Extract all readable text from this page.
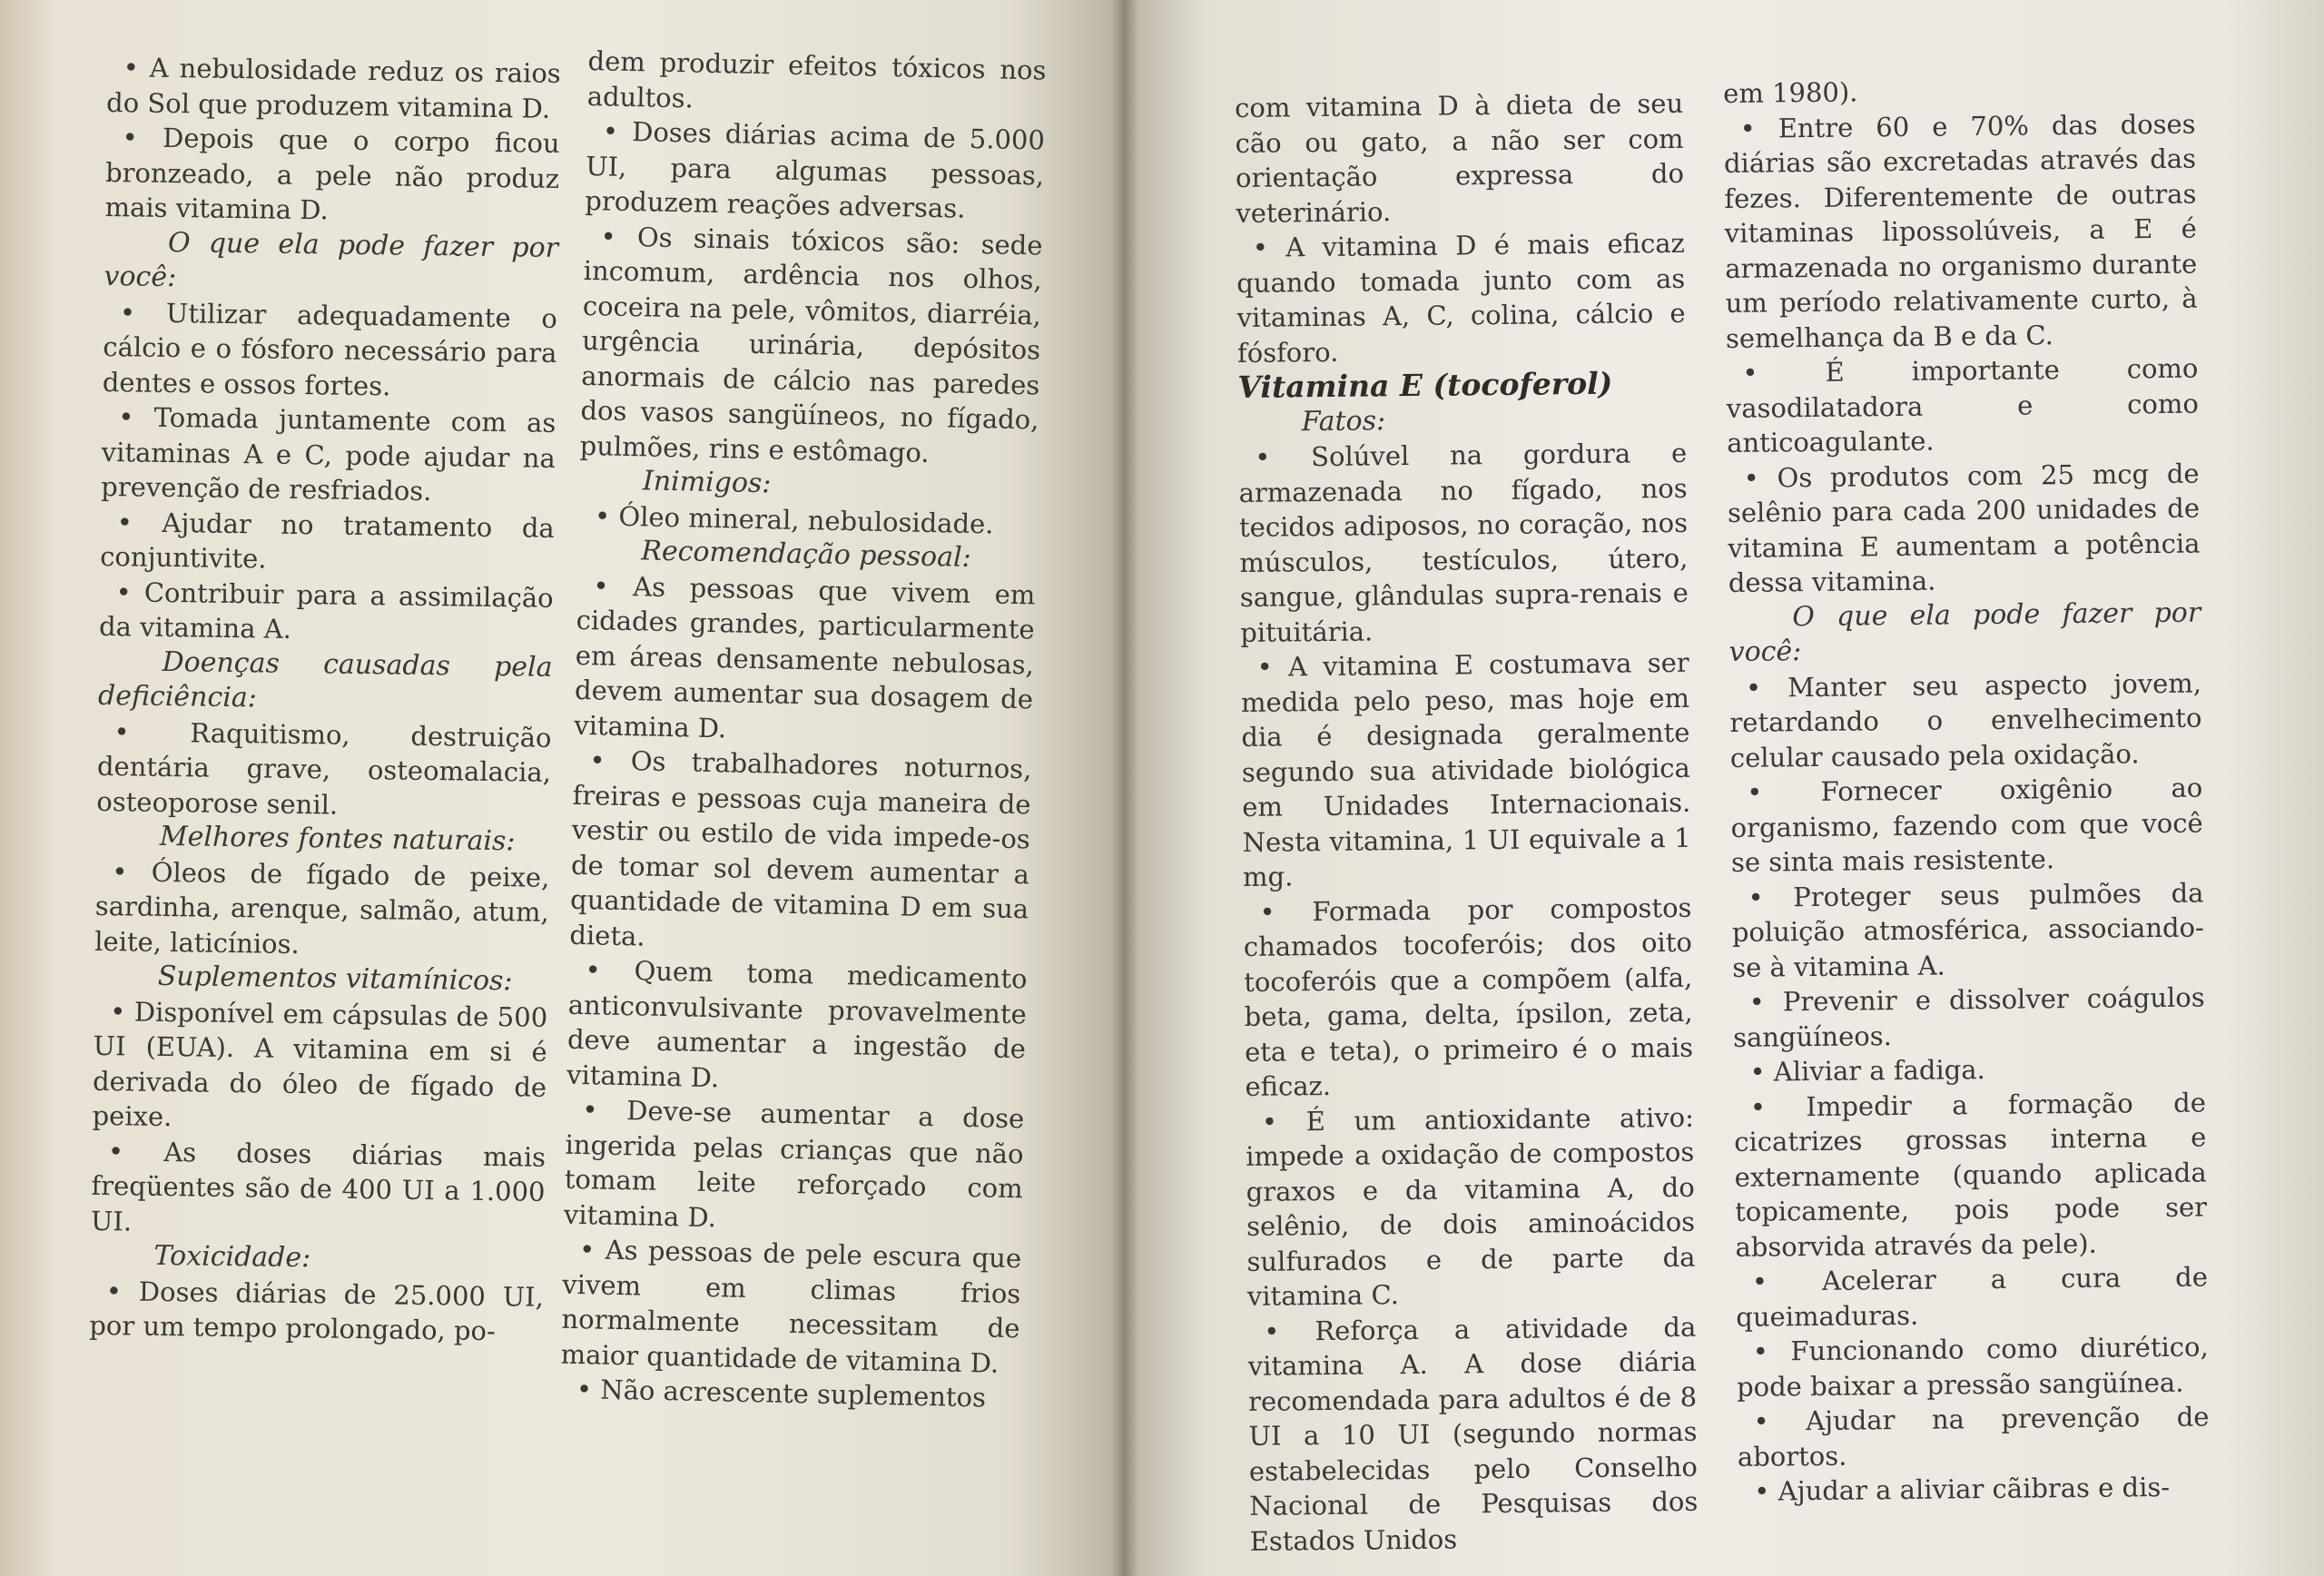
• A nebulosidade reduz os raios do Sol que produzem vitamina D.

• Depois que o corpo ficou bronzeado, a pele não produz mais vitamina D.

O que ela pode fazer por você:

• Utilizar adequadamente o cálcio e o fósforo necessário para dentes e ossos fortes.

• Tomada juntamente com as vitaminas A e C, pode ajudar na prevenção de resfriados.

• Ajudar no tratamento da conjuntivite.

• Contribuir para a assimilação da vitamina A.

Doenças causadas pela deficiência:

• Raquitismo, destruição dentária grave, osteomalacia, osteoporose senil.

Melhores fontes naturais:

• Óleos de fígado de peixe, sardinha, arenque, salmão, atum, leite, laticínios.

Suplementos vitamínicos:

• Disponível em cápsulas de 500 UI (EUA). A vitamina em si é derivada do óleo de fígado de peixe.

• As doses diárias mais freqüentes são de 400 UI a 1.000 UI.

Toxicidade:

• Doses diárias de 25.000 UI, por um tempo prolongado, po-

dem produzir efeitos tóxicos nos adultos.

• Doses diárias acima de 5.000 UI, para algumas pessoas, produzem reações adversas.

• Os sinais tóxicos são: sede incomum, ardência nos olhos, coceira na pele, vômitos, diarréia, urgência urinária, depósitos anormais de cálcio nas paredes dos vasos sangüíneos, no fígado, pulmões, rins e estômago.

Inimigos:

• Óleo mineral, nebulosidade.

Recomendação pessoal:

• As pessoas que vivem em cidades grandes, particularmente em áreas densamente nebulosas, devem aumentar sua dosagem de vitamina D.

• Os trabalhadores noturnos, freiras e pessoas cuja maneira de vestir ou estilo de vida impede-os de tomar sol devem aumentar a quantidade de vitamina D em sua dieta.

• Quem toma medicamento anticonvulsivante provavelmente deve aumentar a ingestão de vitamina D.

• Deve-se aumentar a dose ingerida pelas crianças que não tomam leite reforçado com vitamina D.

• As pessoas de pele escura que vivem em climas frios normalmente necessitam de maior quantidade de vitamina D.

• Não acrescente suplementos

com vitamina D à dieta de seu cão ou gato, a não ser com orientação expressa do veterinário.

• A vitamina D é mais eficaz quando tomada junto com as vitaminas A, C, colina, cálcio e fósforo.

Vitamina E (tocoferol)

Fatos:

• Solúvel na gordura e armazenada no fígado, nos tecidos adiposos, no coração, nos músculos, testículos, útero, sangue, glândulas supra-renais e pituitária.

• A vitamina E costumava ser medida pelo peso, mas hoje em dia é designada geralmente segundo sua atividade biológica em Unidades Internacionais. Nesta vitamina, 1 UI equivale a 1 mg.

• Formada por compostos chamados tocoferóis; dos oito tocoferóis que a compõem (alfa, beta, gama, delta, ípsilon, zeta, eta e teta), o primeiro é o mais eficaz.

• É um antioxidante ativo: impede a oxidação de compostos graxos e da vitamina A, do selênio, de dois aminoácidos sulfurados e de parte da vitamina C.

• Reforça a atividade da vitamina A. A dose diária recomendada para adultos é de 8 UI a 10 UI (segundo normas estabelecidas pelo Conselho Nacional de Pesquisas dos Estados Unidos

em 1980).

• Entre 60 e 70% das doses diárias são excretadas através das fezes. Diferentemente de outras vitaminas lipossolúveis, a E é armazenada no organismo durante um período relativamente curto, à semelhança da B e da C.

• É importante como vasodilatadora e como anticoagulante.

• Os produtos com 25 mcg de selênio para cada 200 unidades de vitamina E aumentam a potência dessa vitamina.

O que ela pode fazer por você:

• Manter seu aspecto jovem, retardando o envelhecimento celular causado pela oxidação.

• Fornecer oxigênio ao organismo, fazendo com que você se sinta mais resistente.

• Proteger seus pulmões da poluição atmosférica, associando-se à vitamina A.

• Prevenir e dissolver coágulos sangüíneos.

• Aliviar a fadiga.

• Impedir a formação de cicatrizes grossas interna e externamente (quando aplicada topicamente, pois pode ser absorvida através da pele).

• Acelerar a cura de queimaduras.

• Funcionando como diurético, pode baixar a pressão sangüínea.

• Ajudar na prevenção de abortos.

• Ajudar a aliviar cãibras e dis-
